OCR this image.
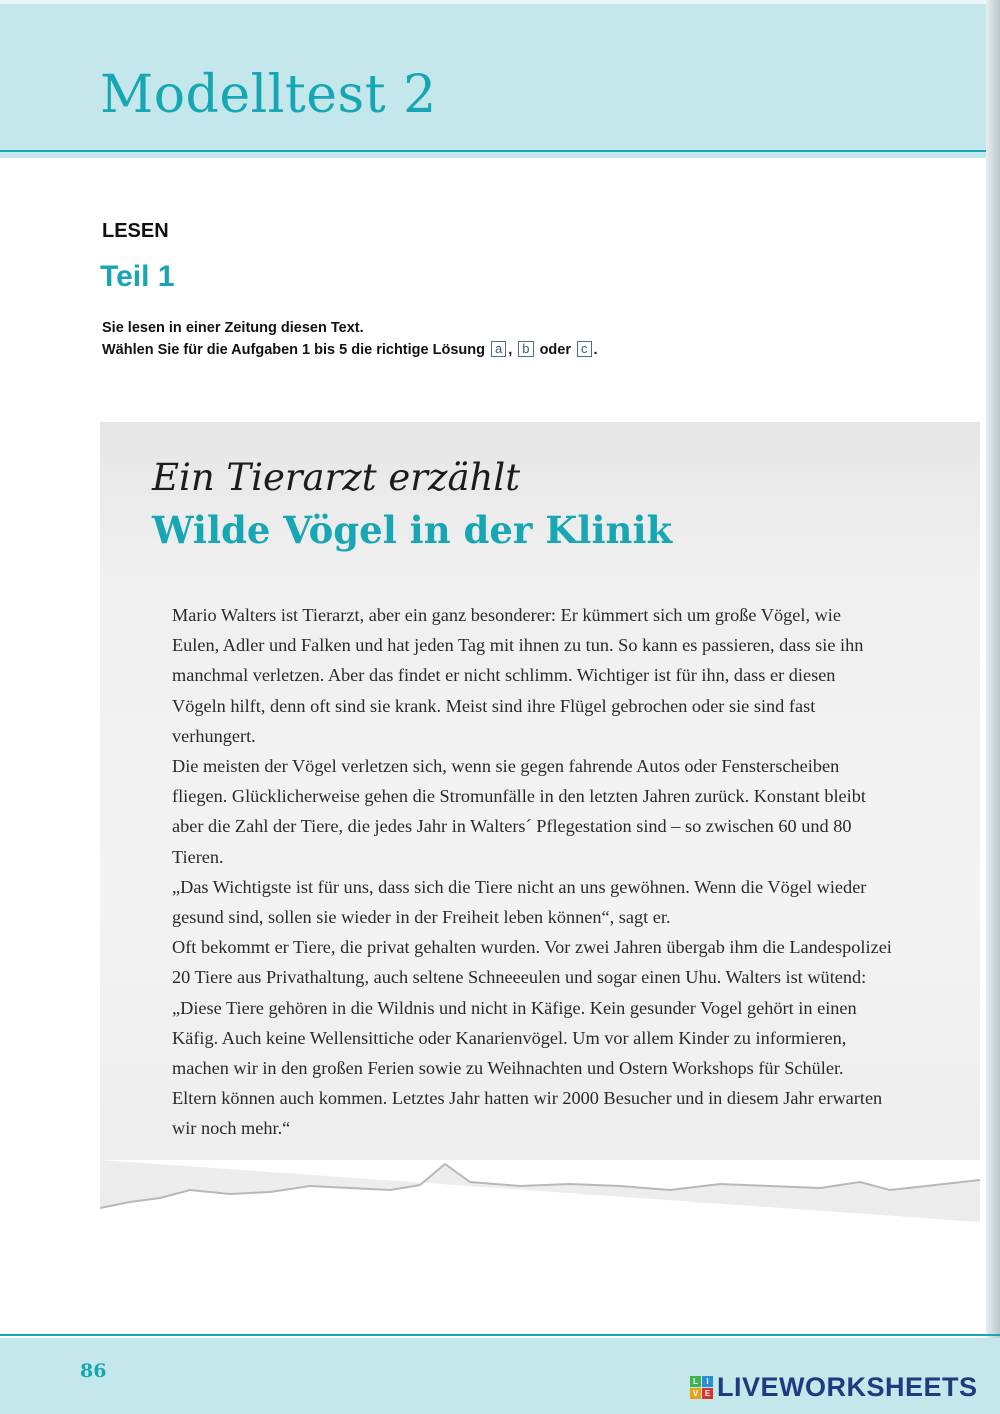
Modelltest 2
LESEN
Teil 1
Sie lesen in einer Zeitung diesen Text.
Wählen Sie für die Aufgaben 1 bis 5 die richtige Lösung a , b oder c .
Ein Tierarzt erzählt
Wilde Vögel in der Klinik

Mario Walters ist Tierarzt, aber ein ganz besonderer: Er kümmert sich um große Vögel, wie Eulen, Adler und Falken und hat jeden Tag mit ihnen zu tun. So kann es passieren, dass sie ihn manchmal verletzen. Aber das findet er nicht schlimm. Wichtiger ist für ihn, dass er diesen Vögeln hilft, denn oft sind sie krank. Meist sind ihre Flügel gebrochen oder sie sind fast verhungert.

Die meisten der Vögel verletzen sich, wenn sie gegen fahrende Autos oder Fensterscheiben fliegen. Glücklicherweise gehen die Stromunfälle in den letzten Jahren zurück. Konstant bleibt aber die Zahl der Tiere, die jedes Jahr in Walters´ Pflegestation sind – so zwischen 60 und 80 Tieren.

„Das Wichtigste ist für uns, dass sich die Tiere nicht an uns gewöhnen. Wenn die Vögel wieder gesund sind, sollen sie wieder in der Freiheit leben können“, sagt er.

Oft bekommt er Tiere, die privat gehalten wurden. Vor zwei Jahren übergab ihm die Landespolizei 20 Tiere aus Privathaltung, auch seltene Schneeeulen und sogar einen Uhu. Walters ist wütend: „Diese Tiere gehören in die Wildnis und nicht in Käfige. Kein gesunder Vogel gehört in einen Käfig. Auch keine Wellensittiche oder Kanarienvögel. Um vor allem Kinder zu informieren, machen wir in den großen Ferien sowie zu Weihnachten und Ostern Workshops für Schüler. Eltern können auch kommen. Letztes Jahr hatten wir 2000 Besucher und in diesem Jahr erwarten wir noch mehr.“

86	L	I
V E LIVEWORKSHEETS
